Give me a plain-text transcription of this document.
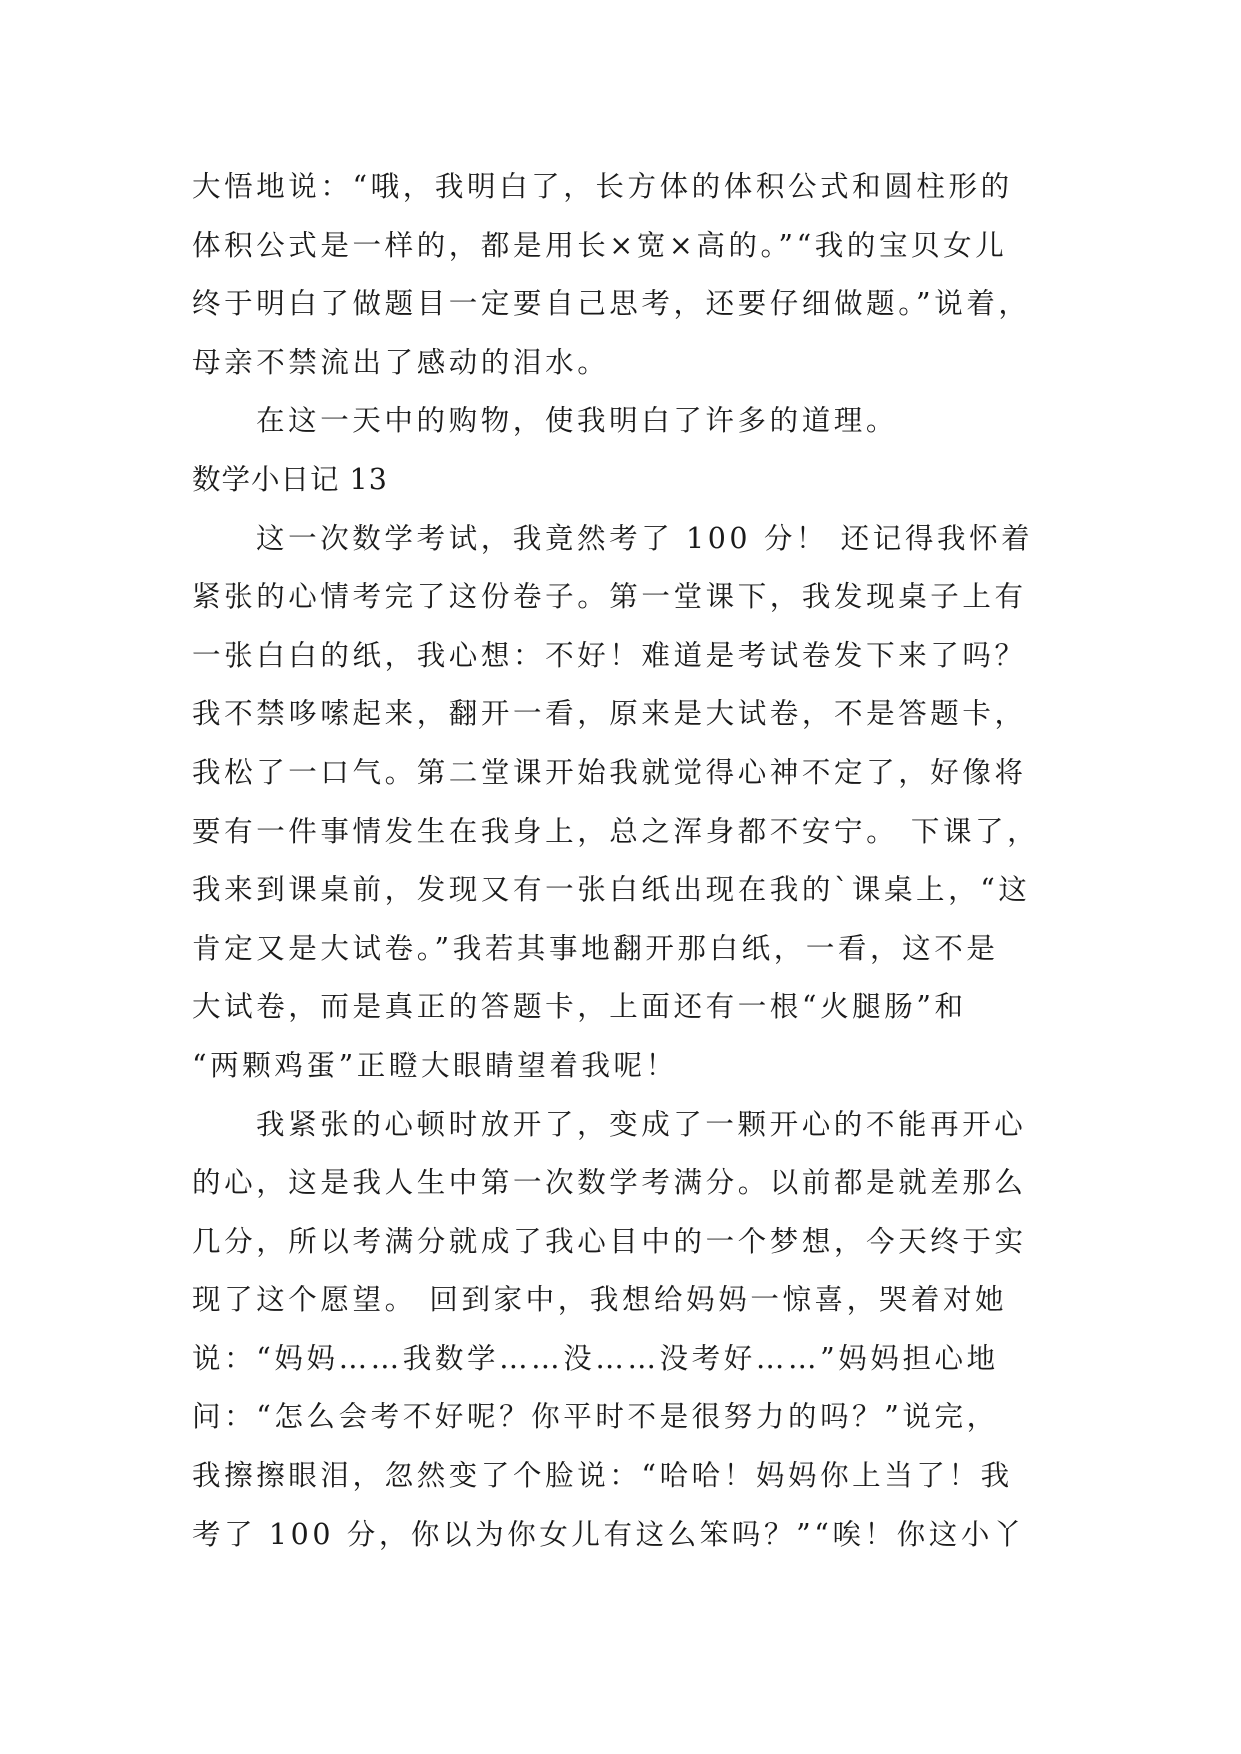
大悟地说：“哦，我明白了，长方体的体积公式和圆柱形的
体积公式是一样的，都是用长×宽×高的。”“我的宝贝女儿
终于明白了做题目一定要自己思考，还要仔细做题。”说着，
母亲不禁流出了感动的泪水。
在这一天中的购物，使我明白了许多的道理。
数学小日记 13
这一次数学考试，我竟然考了 100 分！ 还记得我怀着
紧张的心情考完了这份卷子。第一堂课下，我发现桌子上有
一张白白的纸，我心想：不好！难道是考试卷发下来了吗？
我不禁哆嗦起来，翻开一看，原来是大试卷，不是答题卡，
我松了一口气。第二堂课开始我就觉得心神不定了，好像将
要有一件事情发生在我身上，总之浑身都不安宁。 下课了，
我来到课桌前，发现又有一张白纸出现在我的`课桌上，“这
肯定又是大试卷。”我若其事地翻开那白纸，一看，这不是
大试卷，而是真正的答题卡，上面还有一根“火腿肠”和
“两颗鸡蛋”正瞪大眼睛望着我呢！
我紧张的心顿时放开了，变成了一颗开心的不能再开心
的心，这是我人生中第一次数学考满分。以前都是就差那么
几分，所以考满分就成了我心目中的一个梦想，今天终于实
现了这个愿望。 回到家中，我想给妈妈一惊喜，哭着对她
说：“妈妈……我数学……没……没考好……”妈妈担心地
问：“怎么会考不好呢？你平时不是很努力的吗？”说完，
我擦擦眼泪，忽然变了个脸说：“哈哈！妈妈你上当了！我
考了 100 分，你以为你女儿有这么笨吗？”“唉！你这小丫
